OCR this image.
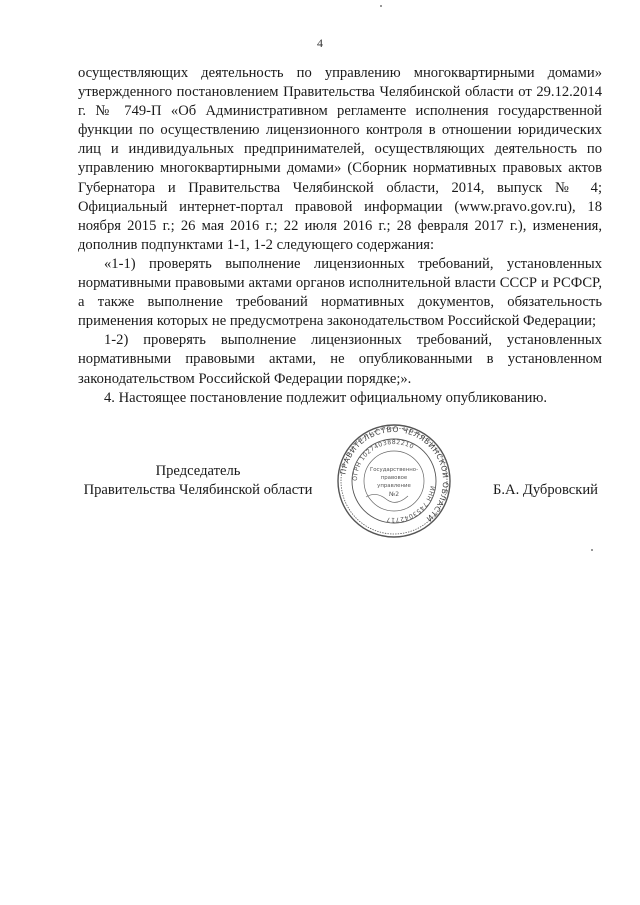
4

осуществляющих деятельность по управлению многоквартирными домами» утвержденного постановлением Правительства Челябинской области от 29.12.2014 г. № 749-П «Об Административном регламенте исполнения государственной функции по осуществлению лицензионного контроля в отношении юридических лиц и индивидуальных предпринимателей, осуществляющих деятельность по управлению многоквартирными домами» (Сборник нормативных правовых актов Губернатора и Правительства Челябинской области, 2014, выпуск № 4; Официальный интернет-портал правовой информации (www.pravo.gov.ru), 18 ноября 2015 г.; 26 мая 2016 г.; 22 июля 2016 г.; 28 февраля 2017 г.), изменения, дополнив подпунктами 1-1, 1-2 следующего содержания:

«1-1) проверять выполнение лицензионных требований, установленных нормативными правовыми актами органов исполнительной власти СССР и РСФСР, а также выполнение требований нормативных документов, обязательность применения которых не предусмотрена законодательством Российской Федерации;

1-2) проверять выполнение лицензионных требований, установленных нормативными правовыми актами, не опубликованными в установленном законодательством Российской Федерации порядке;».

4. Настоящее постановление подлежит официальному опубликованию.

Председатель
Правительства Челябинской области	Б.А. Дубровский
ПРАВИТЕЛЬСТВО ЧЕЛЯБИНСКОЙ ОБЛАСТИ
ОГРН 1027403882210
ИНН 7453042717
Государственно-
правовое
управление
№2
